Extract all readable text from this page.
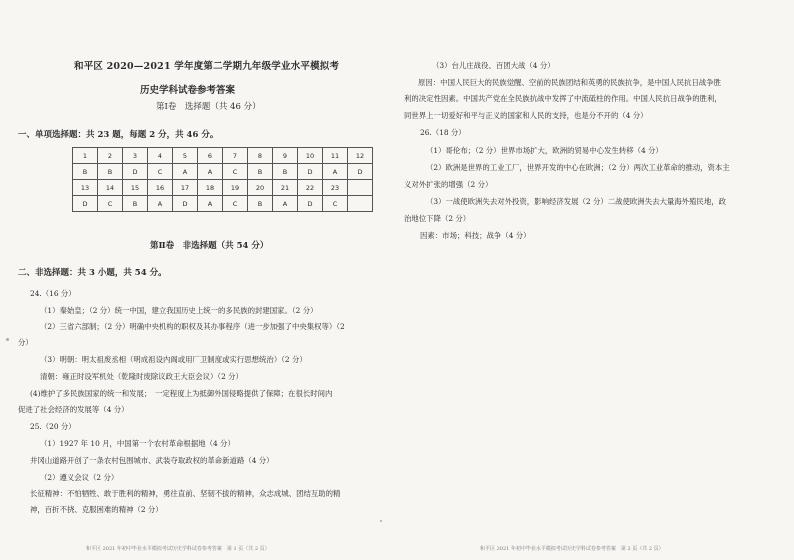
和平区 2020—2021 学年度第二学期九年级学业水平模拟考
历史学科试卷参考答案
第Ⅰ卷　选择题（共 46 分）
一、单项选择题：共 23 题，每题 2 分，共 46 分。
1	2	3	4	5	6	7	8	9	10	11	12
B	B	D	C	A	A	C	B	B	D	A	D
13	14	15	16	17	18	19	20	21	22	23	
D	C	B	A	D	A	C	B	A	D	C	
第Ⅱ卷　非选择题（共 54 分）
二、非选择题：共 3 小题，共 54 分。
24.（16 分）
（1）秦始皇；（2 分）统一中国，建立我国历史上统一的多民族的封建国家。（2 分）
（2）三省六部制；（2 分）明确中央机构的职权及其办事程序（进一步加强了中央集权等）（2
分）
（3）明朝：明太祖废丞相（明成祖设内阁或用厂卫制度或实行思想统治）（2 分）
清朝：雍正时设军机处（乾隆时废除议政王大臣会议）（2 分）
(4)维护了多民族国家的统一和发展；　一定程度上为抵御外国侵略提供了保障；在很长时间内
促进了社会经济的发展等（4 分）
25.（20 分）
（1）1927 年 10 月，中国第一个农村革命根据地（4 分）
井冈山道路开创了一条农村包围城市、武装夺取政权的革命新道路（4 分）
（2）遵义会议（2 分）
长征精神：不怕牺牲、敢于胜利的精神，勇往直前、坚韧不拔的精神，众志成城、团结互助的精
神，百折不挠、克服困难的精神（2 分）
和平区 2021 年初中毕业水平模拟考试历史学科试卷参考答案　第 1 页（共 2 页）
（3）台儿庄战役、百团大战（4 分）
原因：中国人民巨大的民族觉醒、空前的民族团结和英勇的民族抗争，是中国人民抗日战争胜
利的决定性因素。中国共产党在全民族抗战中发挥了中流砥柱的作用。中国人民抗日战争的胜利，
同世界上一切爱好和平与正义的国家和人民的支持，也是分不开的（4 分）
26.（18 分）
（1）哥伦布；（2 分）世界市场扩大，欧洲的贸易中心发生转移（4 分）
（2）欧洲是世界的工业工厂，世界开发的中心在欧洲；（2 分）两次工业革命的推动，资本主
义对外扩张的增强（2 分）
（3）一战使欧洲失去对外投资，影响经济发展（2 分）二战使欧洲失去大量海外殖民地，政
治地位下降（2 分）
因素：市场；科技；战争（4 分）
和平区 2021 年初中毕业水平模拟考试历史学科试卷参考答案　第 2 页（共 2 页）
